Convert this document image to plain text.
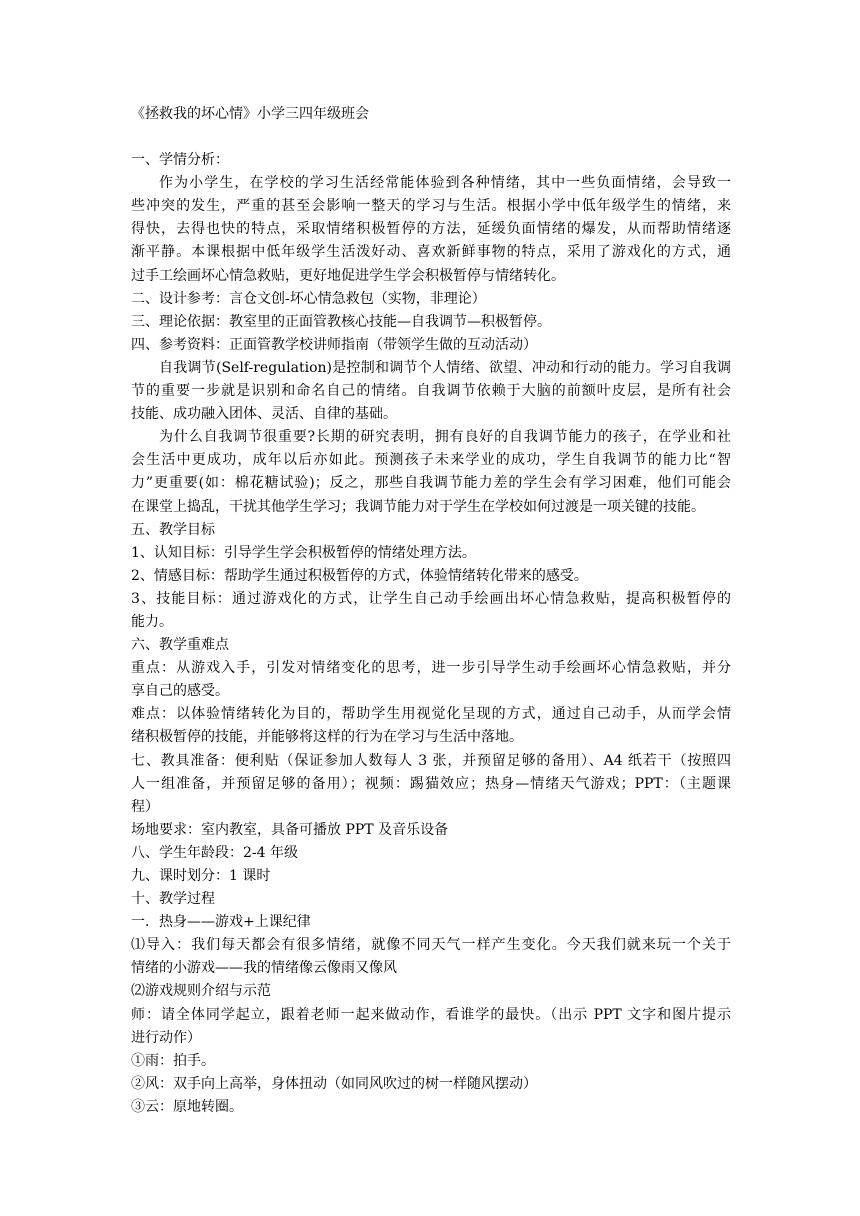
《拯救我的坏心情》小学三四年级班会
一、学情分析：
作为小学生，在学校的学习生活经常能体验到各种情绪，其中一些负面情绪，会导致一
些冲突的发生，严重的甚至会影响一整天的学习与生活。根据小学中低年级学生的情绪，来
得快，去得也快的特点，采取情绪积极暂停的方法，延缓负面情绪的爆发，从而帮助情绪逐
渐平静。本课根据中低年级学生活泼好动、喜欢新鲜事物的特点，采用了游戏化的方式，通
过手工绘画坏心情急救贴，更好地促进学生学会积极暂停与情绪转化。
二、设计参考：言仓文创-坏心情急救包（实物，非理论）
三、理论依据：教室里的正面管教核心技能—自我调节—积极暂停。
四、参考资料：正面管教学校讲师指南（带领学生做的互动活动）
自我调节(Self-regulation)是控制和调节个人情绪、欲望、冲动和行动的能力。学习自我调
节的重要一步就是识别和命名自己的情绪。自我调节依赖于大脑的前额叶皮层，是所有社会
技能、成功融入团体、灵活、自律的基础。
为什么自我调节很重要?长期的研究表明，拥有良好的自我调节能力的孩子，在学业和社
会生活中更成功，成年以后亦如此。预测孩子未来学业的成功，学生自我调节的能力比“智
力”更重要(如：棉花糖试验)；反之，那些自我调节能力差的学生会有学习困难，他们可能会
在课堂上捣乱，干扰其他学生学习；我调节能力对于学生在学校如何过渡是一项关键的技能。
五、教学目标
1、认知目标：引导学生学会积极暂停的情绪处理方法。
2、情感目标：帮助学生通过积极暂停的方式，体验情绪转化带来的感受。
3、技能目标：通过游戏化的方式，让学生自己动手绘画出坏心情急救贴，提高积极暂停的
能力。
六、教学重难点
重点：从游戏入手，引发对情绪变化的思考，进一步引导学生动手绘画坏心情急救贴，并分
享自己的感受。
难点：以体验情绪转化为目的，帮助学生用视觉化呈现的方式，通过自己动手，从而学会情
绪积极暂停的技能，并能够将这样的行为在学习与生活中落地。
七、教具准备：便利贴（保证参加人数每人 3 张，并预留足够的备用）、A4 纸若干（按照四
人一组准备，并预留足够的备用）；视频：踢猫效应；热身—情绪天气游戏；PPT：（主题课
程）
场地要求：室内教室，具备可播放 PPT 及音乐设备
八、学生年龄段：2-4 年级
九、课时划分：1 课时
十、教学过程
一．热身——游戏+上课纪律
⑴导入：我们每天都会有很多情绪，就像不同天气一样产生变化。今天我们就来玩一个关于
情绪的小游戏——我的情绪像云像雨又像风
⑵游戏规则介绍与示范
师：请全体同学起立，跟着老师一起来做动作，看谁学的最快。（出示 PPT 文字和图片提示
进行动作）
①雨：拍手。
②风：双手向上高举，身体扭动（如同风吹过的树一样随风摆动）
③云：原地转圈。
